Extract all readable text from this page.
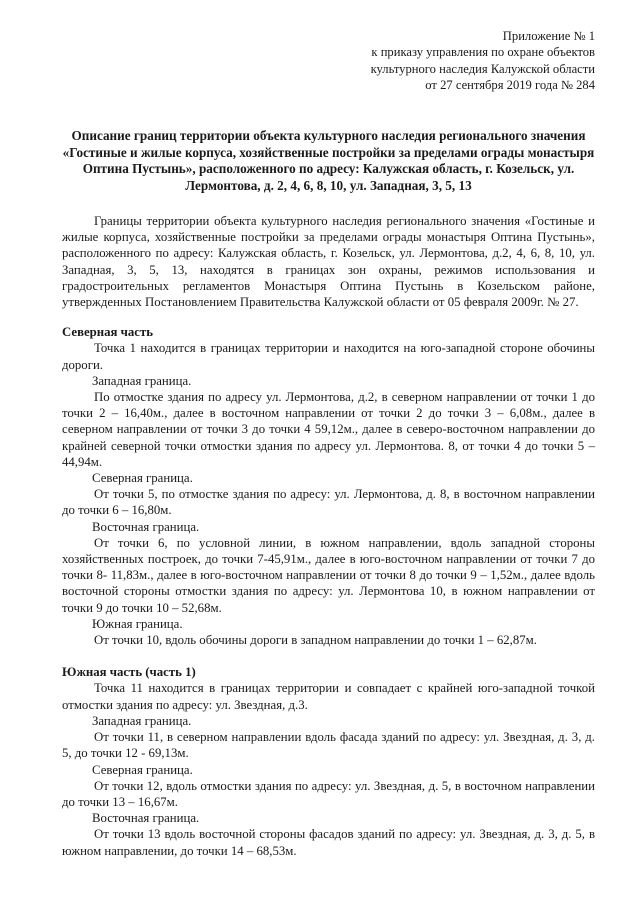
Приложение № 1
к приказу управления по охране объектов
культурного наследия Калужской области
от 27 сентября 2019 года № 284
Описание границ территории объекта культурного наследия регионального значения «Гостиные и жилые корпуса, хозяйственные постройки за пределами ограды монастыря Оптина Пустынь», расположенного по адресу: Калужская область, г. Козельск, ул. Лермонтова, д. 2, 4, 6, 8, 10, ул. Западная, 3, 5, 13

Границы территории объекта культурного наследия регионального значения «Гостиные и жилые корпуса, хозяйственные постройки за пределами ограды монастыря Оптина Пустынь», расположенного по адресу: Калужская область, г. Козельск, ул. Лермонтова, д.2, 4, 6, 8, 10, ул. Западная, 3, 5, 13, находятся в границах зон охраны, режимов использования и градостроительных регламентов Монастыря Оптина Пустынь в Козельском районе, утвержденных Постановлением Правительства Калужской области от 05 февраля 2009г. № 27.

Северная часть

Точка 1 находится в границах территории и находится на юго-западной стороне обочины дороги.

Западная граница.

По отмостке здания по адресу ул. Лермонтова, д.2, в северном направлении от точки 1 до точки 2 – 16,40м., далее в восточном направлении от точки 2 до точки 3 – 6,08м., далее в северном направлении от точки 3 до точки 4 59,12м., далее в северо-восточном направлении до крайней северной точки отмостки здания по адресу ул. Лермонтова. 8, от точки 4 до точки 5 – 44,94м.

Северная граница.

От точки 5, по отмостке здания по адресу: ул. Лермонтова, д. 8, в восточном направлении до точки 6 – 16,80м.

Восточная граница.

От точки 6, по условной линии, в южном направлении, вдоль западной стороны хозяйственных построек, до точки 7-45,91м., далее в юго-восточном направлении от точки 7 до точки 8- 11,83м., далее в юго-восточном направлении от точки 8 до точки 9 – 1,52м., далее вдоль восточной стороны отмостки здания по адресу: ул. Лермонтова 10, в южном направлении от точки 9 до точки 10 – 52,68м.

Южная граница.

От точки 10, вдоль обочины дороги в западном направлении до точки 1 – 62,87м.

Южная часть (часть 1)

Точка 11 находится в границах территории и совпадает с крайней юго-западной точкой отмостки здания по адресу: ул. Звездная, д.3.

Западная граница.

От точки 11, в северном направлении вдоль фасада зданий по адресу: ул. Звездная, д. 3, д. 5, до точки 12 - 69,13м.

Северная граница.

От точки 12, вдоль отмостки здания по адресу: ул. Звездная, д. 5, в восточном направлении до точки 13 – 16,67м.

Восточная граница.

От точки 13 вдоль восточной стороны фасадов зданий по адресу: ул. Звездная, д. 3, д. 5, в южном направлении, до точки 14 – 68,53м.
